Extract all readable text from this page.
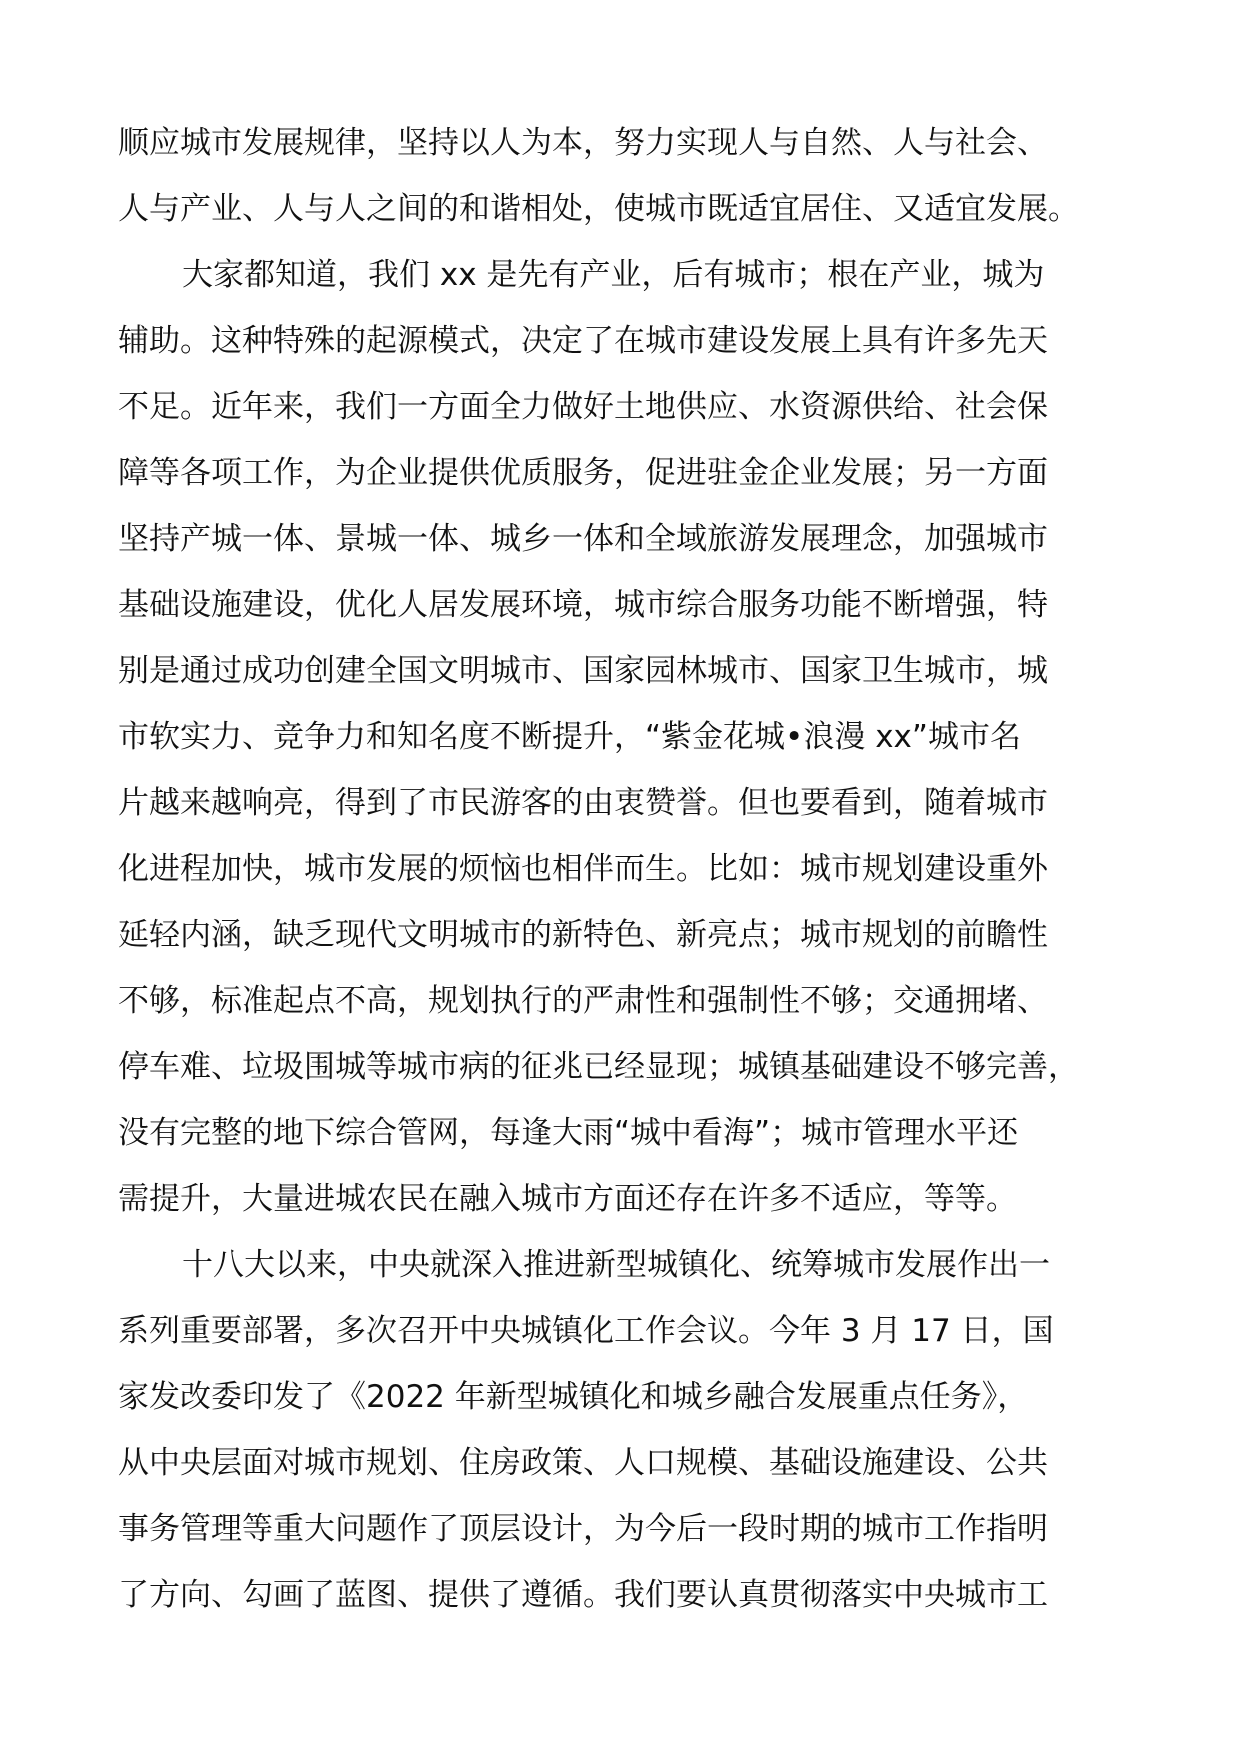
顺应城市发展规律，坚持以人为本，努力实现人与自然、人与社会、
人与产业、人与人之间的和谐相处，使城市既适宜居住、又适宜发展。
大家都知道，我们 xx 是先有产业，后有城市；根在产业，城为
辅助。这种特殊的起源模式，决定了在城市建设发展上具有许多先天
不足。近年来，我们一方面全力做好土地供应、水资源供给、社会保
障等各项工作，为企业提供优质服务，促进驻金企业发展；另一方面
坚持产城一体、景城一体、城乡一体和全域旅游发展理念，加强城市
基础设施建设，优化人居发展环境，城市综合服务功能不断增强，特
别是通过成功创建全国文明城市、国家园林城市、国家卫生城市，城
市软实力、竞争力和知名度不断提升，“紫金花城•浪漫 xx”城市名
片越来越响亮，得到了市民游客的由衷赞誉。但也要看到，随着城市
化进程加快，城市发展的烦恼也相伴而生。比如：城市规划建设重外
延轻内涵，缺乏现代文明城市的新特色、新亮点；城市规划的前瞻性
不够，标准起点不高，规划执行的严肃性和强制性不够；交通拥堵、
停车难、垃圾围城等城市病的征兆已经显现；城镇基础建设不够完善，
没有完整的地下综合管网，每逢大雨“城中看海”；城市管理水平还
需提升，大量进城农民在融入城市方面还存在许多不适应，等等。
十八大以来，中央就深入推进新型城镇化、统筹城市发展作出一
系列重要部署，多次召开中央城镇化工作会议。今年 3 月 17 日，国
家发改委印发了《2022 年新型城镇化和城乡融合发展重点任务》，
从中央层面对城市规划、住房政策、人口规模、基础设施建设、公共
事务管理等重大问题作了顶层设计，为今后一段时期的城市工作指明
了方向、勾画了蓝图、提供了遵循。我们要认真贯彻落实中央城市工
